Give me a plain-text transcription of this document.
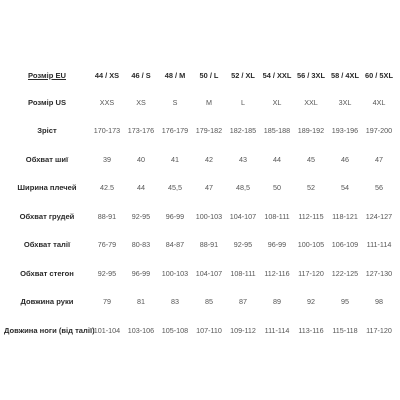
Розмір EU	44 / XS	46 / S	48 / M	50 / L	52 / XL	54 / XXL	56 / 3XL	58 / 4XL	60 / 5XL
Розмір US	XXS	XS	S	M	L	XL	XXL	3XL	4XL
Зріст	170-173	173-176	176-179	179-182	182-185	185-188	189-192	193-196	197-200
Обхват шиї	39	40	41	42	43	44	45	46	47
Ширина плечей	42.5	44	45,5	47	48,5	50	52	54	56
Обхват грудей	88-91	92-95	96-99	100-103	104-107	108-111	112-115	118-121	124-127
Обхват талії	76-79	80-83	84-87	88-91	92-95	96-99	100-105	106-109	111-114
Обхват стегон	92-95	96-99	100-103	104-107	108-111	112-116	117-120	122-125	127-130
Довжина руки	79	81	83	85	87	89	92	95	98
Довжина ноги (від талії)	101-104	103-106	105-108	107-110	109-112	111-114	113-116	115-118	117-120
